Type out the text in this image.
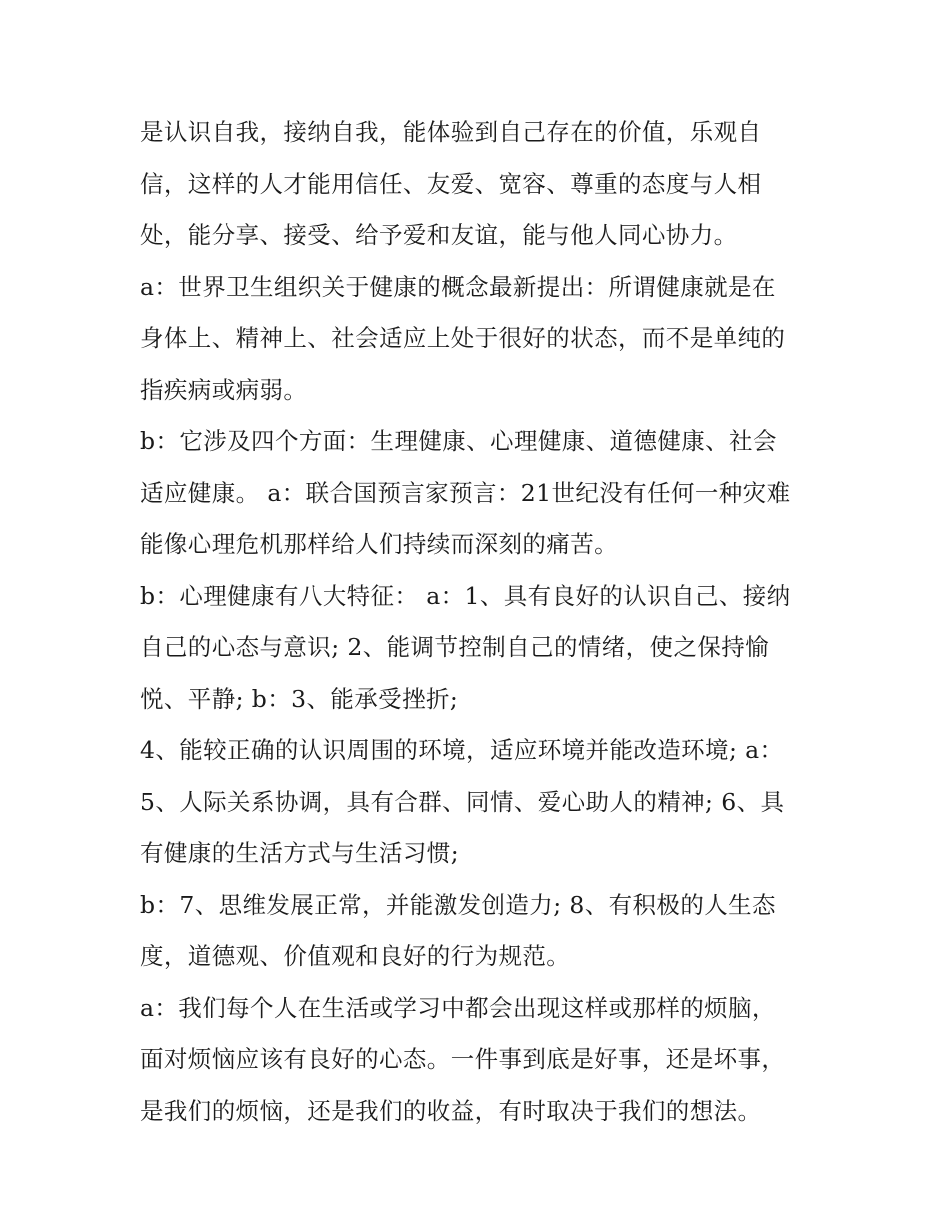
是认识自我，接纳自我，能体验到自己存在的价值，乐观自
信，这样的人才能用信任、友爱、宽容、尊重的态度与人相
处，能分享、接受、给予爱和友谊，能与他人同心协力。
a：世界卫生组织关于健康的概念最新提出：所谓健康就是在
身体上、精神上、社会适应上处于很好的状态，而不是单纯的
指疾病或病弱。
b：它涉及四个方面：生理健康、心理健康、道德健康、社会
适应健康。 a：联合国预言家预言：21世纪没有任何一种灾难
能像心理危机那样给人们持续而深刻的痛苦。
b：心理健康有八大特征： a：1、具有良好的认识自己、接纳
自己的心态与意识; 2、能调节控制自己的情绪，使之保持愉
悦、平静; b：3、能承受挫折;
4、能较正确的认识周围的环境，适应环境并能改造环境; a：
5、人际关系协调，具有合群、同情、爱心助人的精神; 6、具
有健康的生活方式与生活习惯;
b：7、思维发展正常，并能激发创造力; 8、有积极的人生态
度，道德观、价值观和良好的行为规范。
a：我们每个人在生活或学习中都会出现这样或那样的烦脑，
面对烦恼应该有良好的心态。一件事到底是好事，还是坏事，
是我们的烦恼，还是我们的收益，有时取决于我们的想法。
